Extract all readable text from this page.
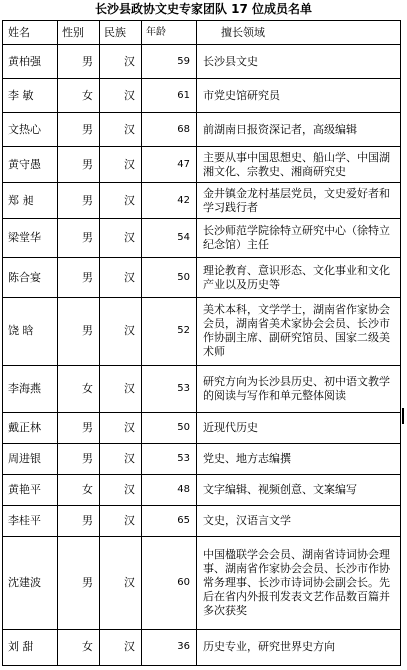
长沙县政协文史专家团队 17 位成员名单
姓名	性别	民族	年龄	擅长领域
黄柏强	男	汉	59	长沙县文史
李 敏	女	汉	61	市党史馆研究员
文热心	男	汉	68	前湖南日报资深记者，高级编辑
黄守愚	男	汉	47	主要从事中国思想史、船山学、中国湖湘文化、宗教史、湘商研究史
郑 昶	男	汉	42	金井镇金龙村基层党员，文史爱好者和学习践行者
梁堂华	男	汉	54	长沙师范学院徐特立研究中心（徐特立纪念馆）主任
陈合宴	男	汉	50	理论教育、意识形态、文化事业和文化产业以及历史等
饶 晗	男	汉	52	美术本科，文学学士，湖南省作家协会会员，湖南省美术家协会会员、长沙市作协副主席、副研究馆员、国家二级美术师
李海燕	女	汉	53	研究方向为长沙县历史、初中语文教学的阅读与写作和单元整体阅读
戴正林	男	汉	50	近现代历史
周进银	男	汉	53	党史、地方志编撰
黄艳平	女	汉	48	文字编辑、视频创意、文案编写
李桂平	男	汉	65	文史，汉语言文学
沈建波	男	汉	60	中国楹联学会会员、湖南省诗词协会理事、湖南省作家协会会员、长沙市作协常务理事、长沙市诗词协会副会长。先后在省内外报刊发表文艺作品数百篇并多次获奖
刘 甜	女	汉	36	历史专业，研究世界史方向
